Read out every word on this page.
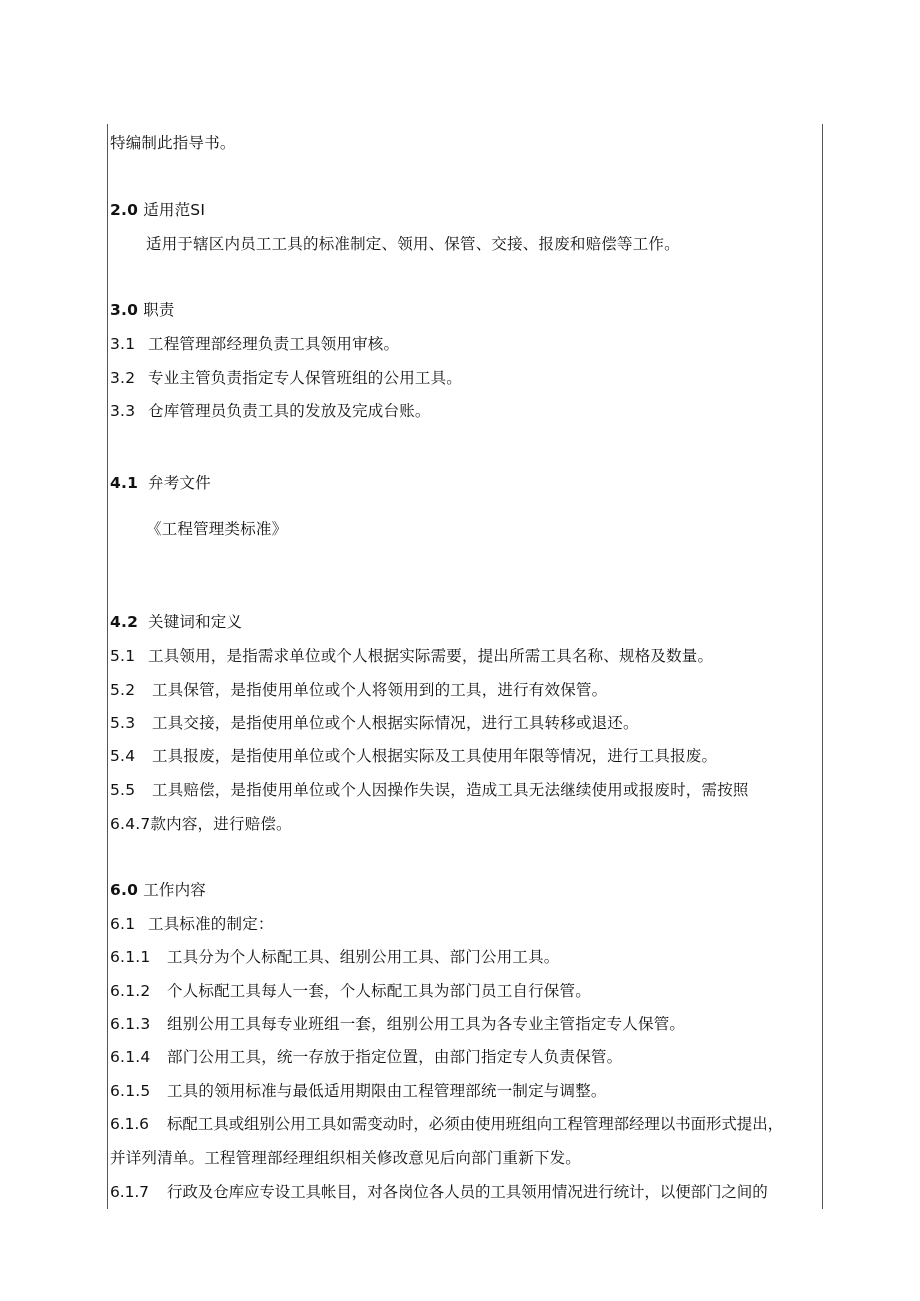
特编制此指导书。
2.0 适用范SI
适用于辖区内员工工具的标准制定、领用、保管、交接、报废和赔偿等工作。
3.0 职责
3.1 工程管理部经理负责工具领用审核。
3.2 专业主管负责指定专人保管班组的公用工具。
3.3 仓库管理员负责工具的发放及完成台账。
4.1 弁考文件
《工程管理类标准》
4.2 关键词和定义
5.1 工具领用，是指需求单位或个人根据实际需要，提出所需工具名称、规格及数量。
5.2 工具保管，是指使用单位或个人将领用到的工具，进行有效保管。
5.3 工具交接，是指使用单位或个人根据实际情况，进行工具转移或退还。
5.4 工具报废，是指使用单位或个人根据实际及工具使用年限等情况，进行工具报废。
5.5 工具赔偿，是指使用单位或个人因操作失误，造成工具无法继续使用或报废时，需按照
6.4.7款内容，进行赔偿。
6.0 工作内容
6.1 工具标准的制定：
6.1.1 工具分为个人标配工具、组别公用工具、部门公用工具。
6.1.2 个人标配工具每人一套，个人标配工具为部门员工自行保管。
6.1.3 组别公用工具每专业班组一套，组别公用工具为各专业主管指定专人保管。
6.1.4 部门公用工具，统一存放于指定位置，由部门指定专人负责保管。
6.1.5 工具的领用标准与最低适用期限由工程管理部统一制定与调整。
6.1.6 标配工具或组别公用工具如需变动时，必须由使用班组向工程管理部经理以书面形式提出，
并详列清单。工程管理部经理组织相关修改意见后向部门重新下发。
6.1.7 行政及仓库应专设工具帐目，对各岗位各人员的工具领用情况进行统计，以便部门之间的
